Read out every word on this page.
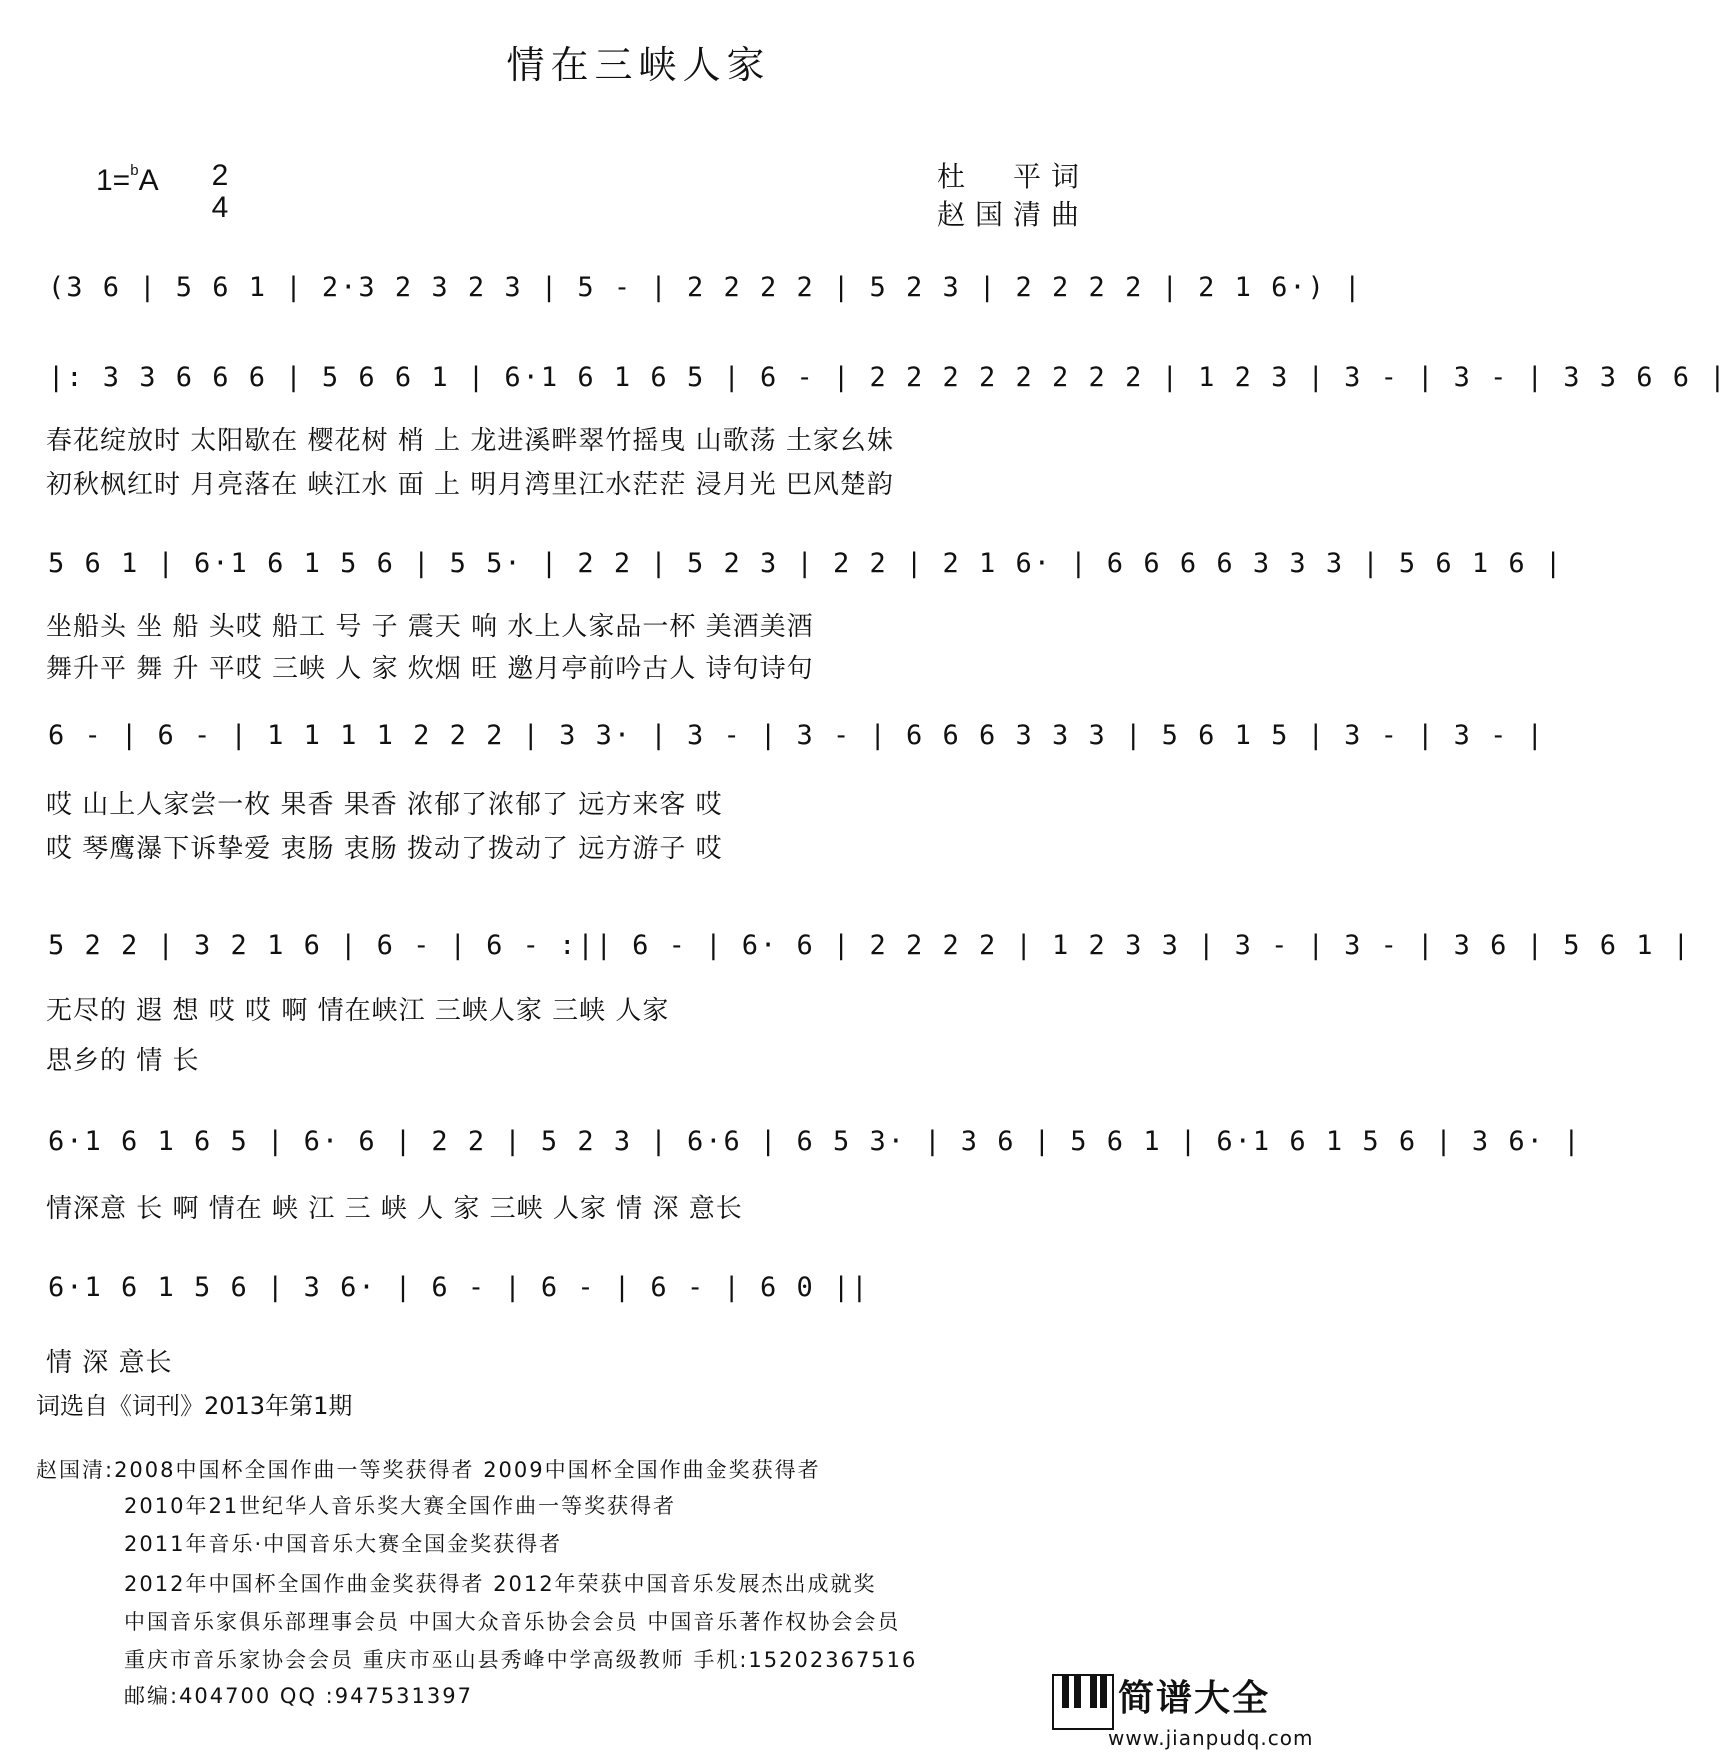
情在三峡人家
1=$^b$A 2
4
杜　平词
赵国清曲
(3 6 | 5 6 1 | 2·3 2 3 2 3 | 5 - | 2 2 2 2 | 5 2 3 | 2 2 2 2 | 2 1 6·) |
|: 3 3 6 6 6 | 5 6 6 1 | 6·1 6 1 6 5 | 6 - | 2 2 2 2 2 2 2 2 | 1 2 3 | 3 - | 3 - | 3 3 6 6 |
春花绽放时 太阳歇在 樱花树 梢 上 龙进溪畔翠竹摇曳 山歌荡 土家幺妹
初秋枫红时 月亮落在 峡江水 面 上 明月湾里江水茫茫 浸月光 巴风楚韵
5 6 1 | 6·1 6 1 5 6 | 5 5· | 2 2 | 5 2 3 | 2 2 | 2 1 6· | 6 6 6 6 3 3 3 | 5 6 1 6 |
坐船头 坐 船 头哎 船工 号 子 震天 响 水上人家品一杯 美酒美酒
舞升平 舞 升 平哎 三峡 人 家 炊烟 旺 邀月亭前吟古人 诗句诗句
6 - | 6 - | 1 1 1 1 2 2 2 | 3 3· | 3 - | 3 - | 6 6 6 3 3 3 | 5 6 1 5 | 3 - | 3 - |
哎 山上人家尝一枚 果香 果香 浓郁了浓郁了 远方来客 哎
哎 琴鹰瀑下诉挚爱 衷肠 衷肠 拨动了拨动了 远方游子 哎
5 2 2 | 3 2 1 6 | 6 - | 6 - :|| 6 - | 6· 6 | 2 2 2 2 | 1 2 3 3 | 3 - | 3 - | 3 6 | 5 6 1 |
无尽的 遐 想 哎 哎 啊 情在峡江 三峡人家 三峡 人家
思乡的 情 长
6·1 6 1 6 5 | 6· 6 | 2 2 | 5 2 3 | 6·6 | 6 5 3· | 3 6 | 5 6 1 | 6·1 6 1 5 6 | 3 6· |
情深意 长 啊 情在 峡 江 三 峡 人 家 三峡 人家 情 深 意长
6·1 6 1 5 6 | 3 6· | 6 - | 6 - | 6 - | 6 0 ||
情 深 意长
词选自《词刊》2013年第1期
赵国清:2008中国杯全国作曲一等奖获得者 2009中国杯全国作曲金奖获得者
2010年21世纪华人音乐奖大赛全国作曲一等奖获得者
2011年音乐·中国音乐大赛全国金奖获得者
2012年中国杯全国作曲金奖获得者 2012年荣获中国音乐发展杰出成就奖
中国音乐家俱乐部理事会员 中国大众音乐协会会员 中国音乐著作权协会会员
重庆市音乐家协会会员 重庆市巫山县秀峰中学高级教师 手机:15202367516
邮编:404700 QQ :947531397	简谱大全
www.jianpudq.com
